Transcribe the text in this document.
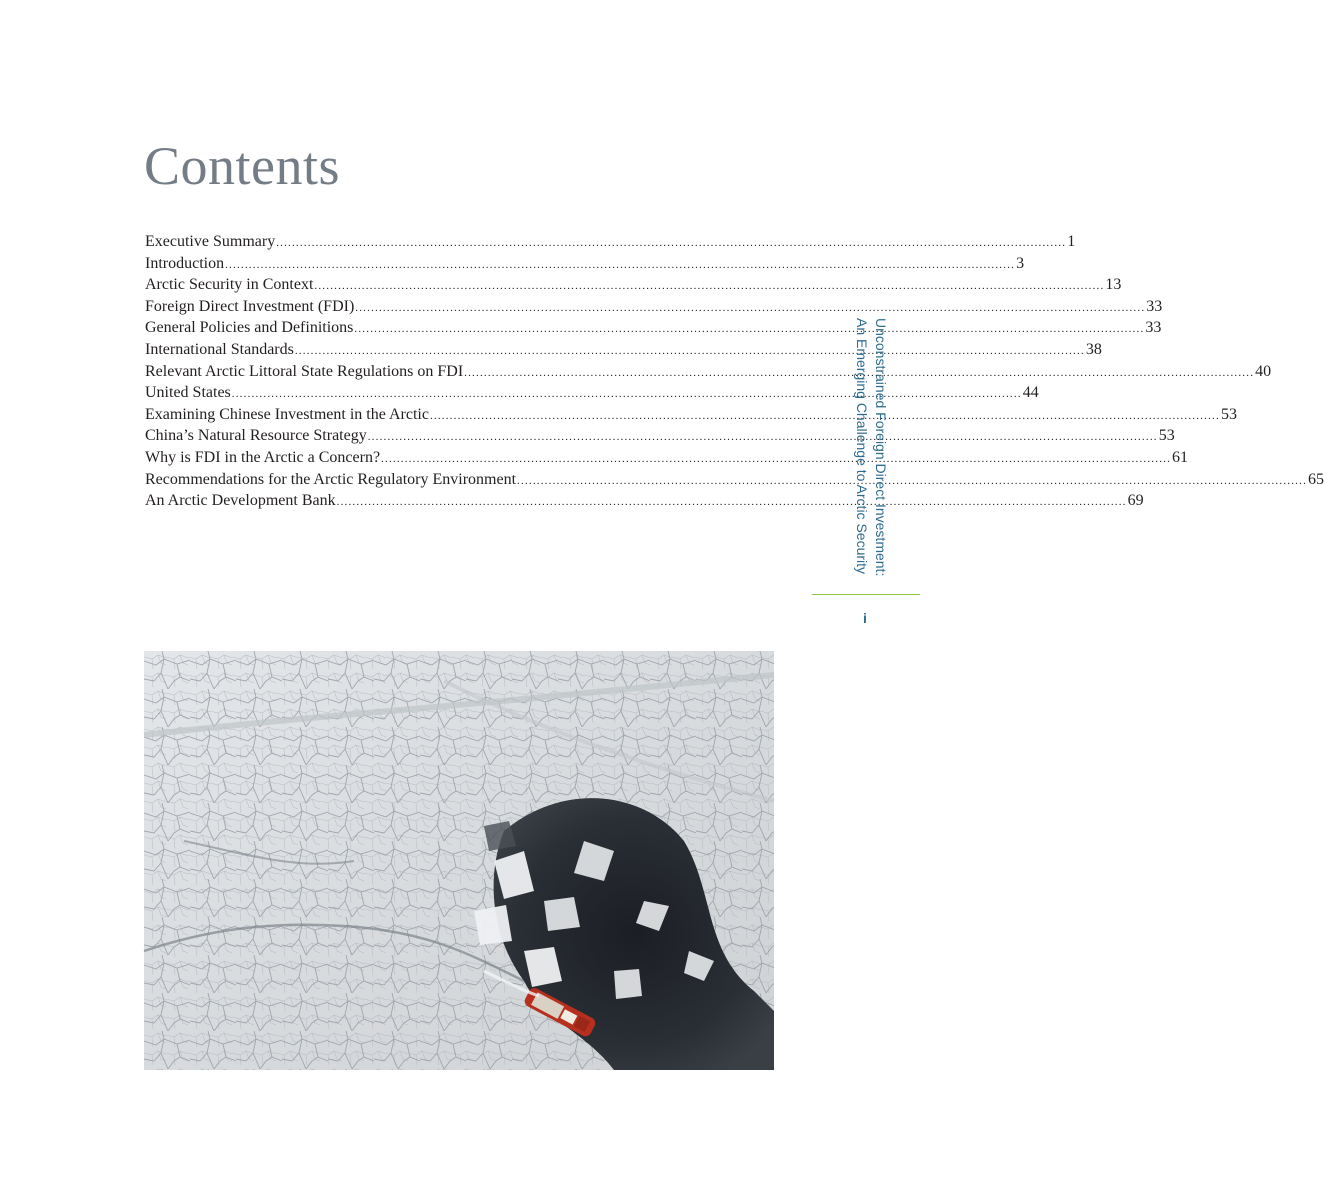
Contents
Executive Summary ........................................................................................................................................................................................................ 1
Introduction ........................................................................................................................................................................................................ 3
Arctic Security in Context ........................................................................................................................................................................................................ 13
Foreign Direct Investment (FDI) ........................................................................................................................................................................................................ 33
General Policies and Definitions ........................................................................................................................................................................................................ 33
International Standards ........................................................................................................................................................................................................ 38
Relevant Arctic Littoral State Regulations on FDI ........................................................................................................................................................................................................ 40
United States ........................................................................................................................................................................................................ 44
Examining Chinese Investment in the Arctic ........................................................................................................................................................................................................ 53
China’s Natural Resource Strategy ........................................................................................................................................................................................................ 53
Why is FDI in the Arctic a Concern? ........................................................................................................................................................................................................ 61
Recommendations for the Arctic Regulatory Environment ........................................................................................................................................................................................................ 65
An Arctic Development Bank ........................................................................................................................................................................................................ 69
Unconstrained Foreign Direct Investment:
An Emerging Challenge to Arctic Security
i
